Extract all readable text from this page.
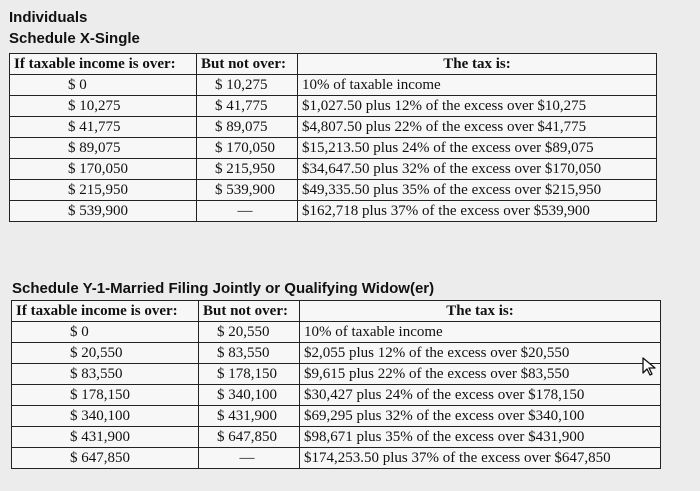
Individuals
Schedule X-Single
If taxable income is over:	But not over:	The tax is:
$ 0	$ 10,275	10% of taxable income
$ 10,275	$ 41,775	$1,027.50 plus 12% of the excess over $10,275
$ 41,775	$ 89,075	$4,807.50 plus 22% of the excess over $41,775
$ 89,075	$ 170,050	$15,213.50 plus 24% of the excess over $89,075
$ 170,050	$ 215,950	$34,647.50 plus 32% of the excess over $170,050
$ 215,950	$ 539,900	$49,335.50 plus 35% of the excess over $215,950
$ 539,900	—	$162,718 plus 37% of the excess over $539,900
Schedule Y-1-Married Filing Jointly or Qualifying Widow(er)
If taxable income is over:	But not over:	The tax is:
$ 0	$ 20,550	10% of taxable income
$ 20,550	$ 83,550	$2,055 plus 12% of the excess over $20,550
$ 83,550	$ 178,150	$9,615 plus 22% of the excess over $83,550
$ 178,150	$ 340,100	$30,427 plus 24% of the excess over $178,150
$ 340,100	$ 431,900	$69,295 plus 32% of the excess over $340,100
$ 431,900	$ 647,850	$98,671 plus 35% of the excess over $431,900
$ 647,850	—	$174,253.50 plus 37% of the excess over $647,850
